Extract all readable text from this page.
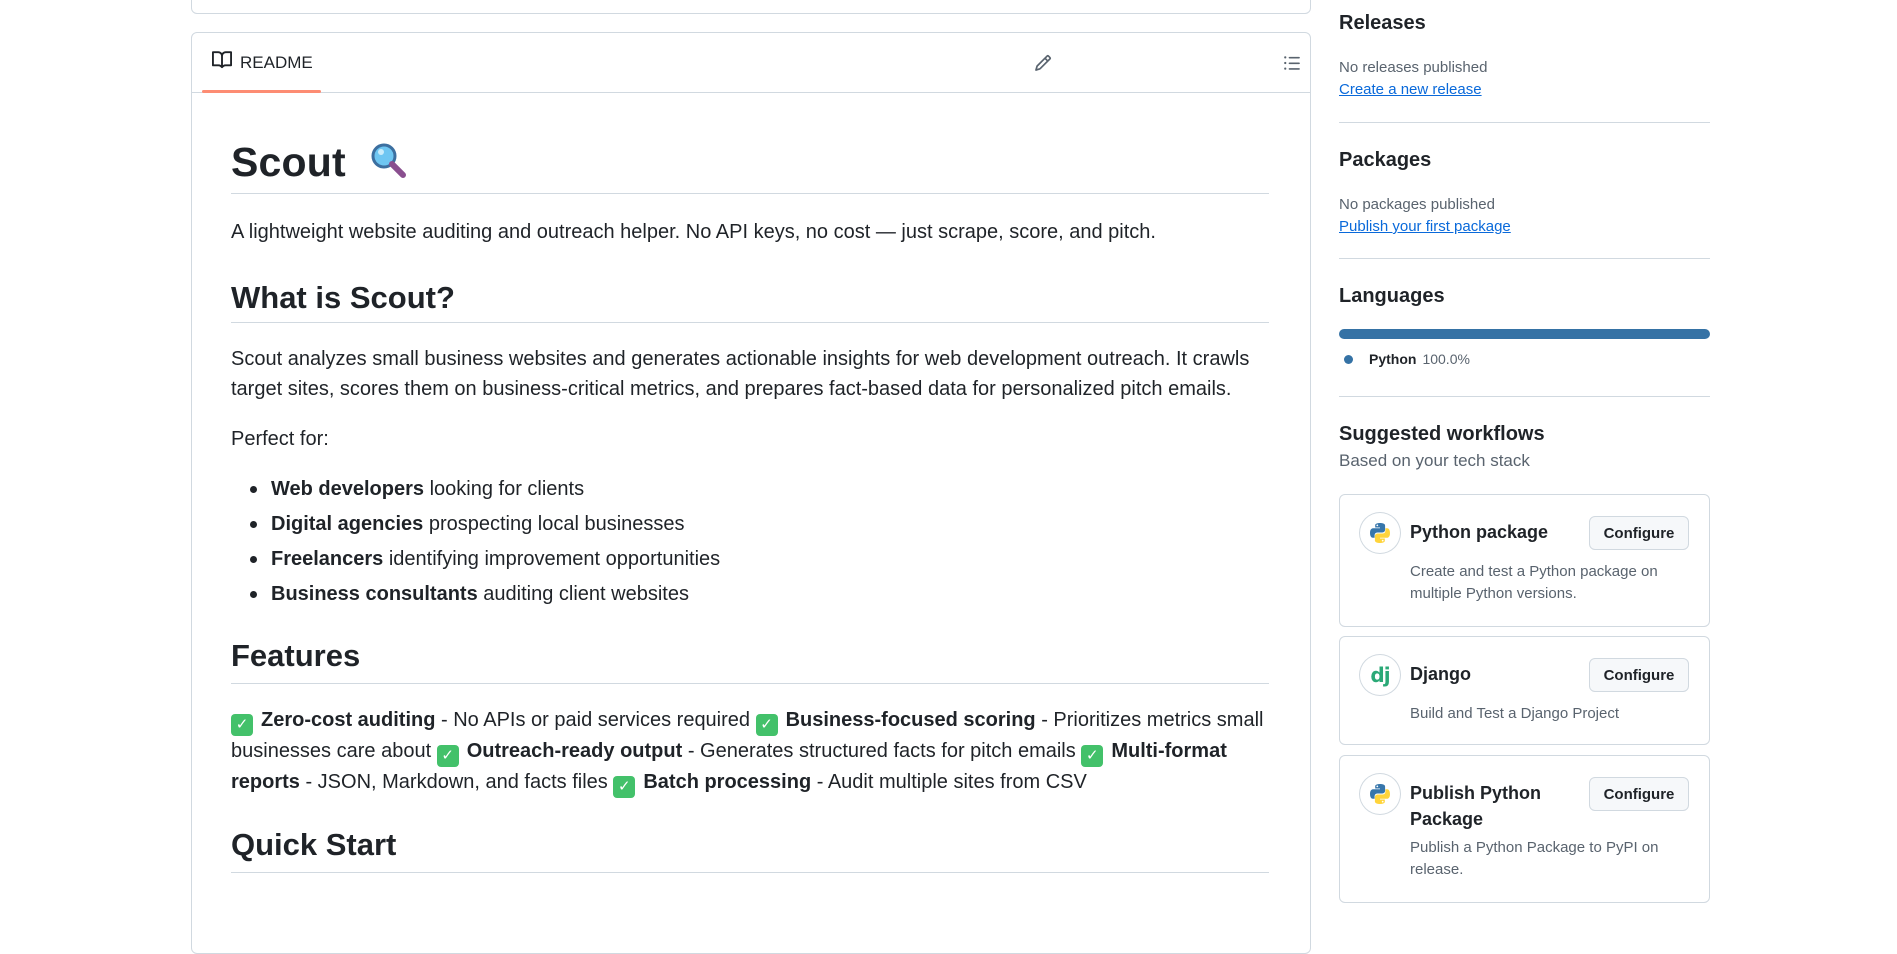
README
Scout
A lightweight website auditing and outreach helper. No API keys, no cost — just scrape, score, and pitch.
What is Scout?
Scout analyzes small business websites and generates actionable insights for web development outreach. It crawls target sites, scores them on business-critical metrics, and prepares fact-based data for personalized pitch emails.
Perfect for:
Web developers looking for clients
Digital agencies prospecting local businesses
Freelancers identifying improvement opportunities
Business consultants auditing client websites
Features
✓ Zero-cost auditing - No APIs or paid services required ✓ Business-focused scoring - Prioritizes metrics small businesses care about ✓ Outreach-ready output - Generates structured facts for pitch emails ✓ Multi-format reports - JSON, Markdown, and facts files ✓ Batch processing - Audit multiple sites from CSV
Quick Start
Releases
No releases published
Create a new release
Packages
No packages published
Publish your first package
Languages
Python 100.0%
Suggested workflows
Based on your tech stack
Python package
Create and test a Python package on multiple Python versions.
Configure
dj Django
Build and Test a Django Project
Configure
Publish Python Package
Publish a Python Package to PyPI on release.
Configure
